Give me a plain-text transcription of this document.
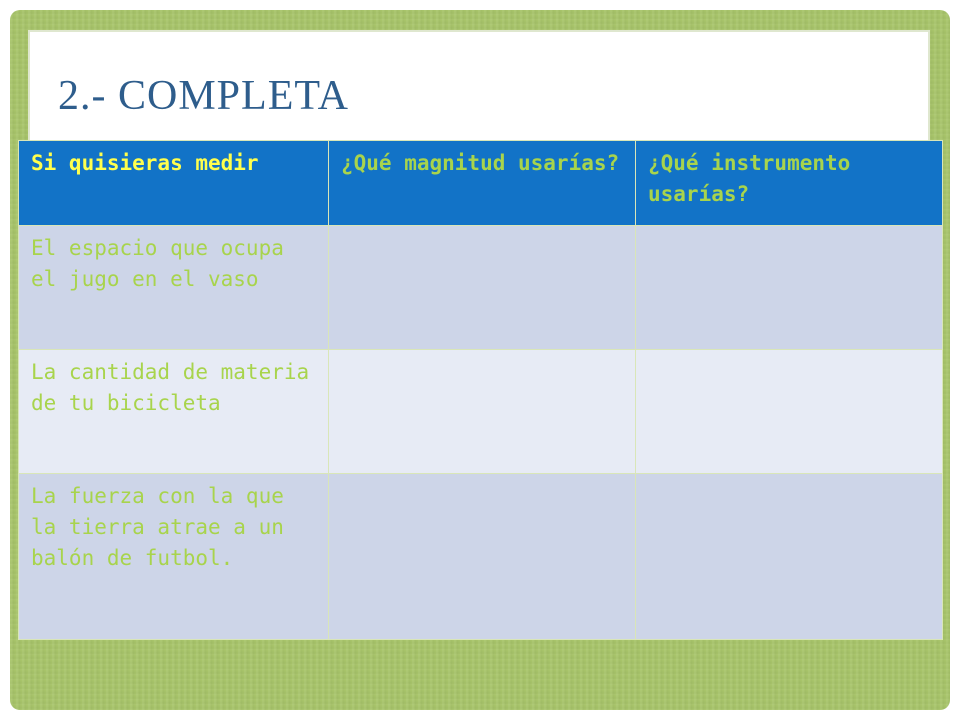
2.- COMPLETA
Si quisieras medir	¿Qué magnitud usarías?	¿Qué instrumento usarías?
El espacio que ocupa el jugo en el vaso		
La cantidad de materia de tu bicicleta		
La fuerza con la que la tierra atrae a un balón de futbol.		
